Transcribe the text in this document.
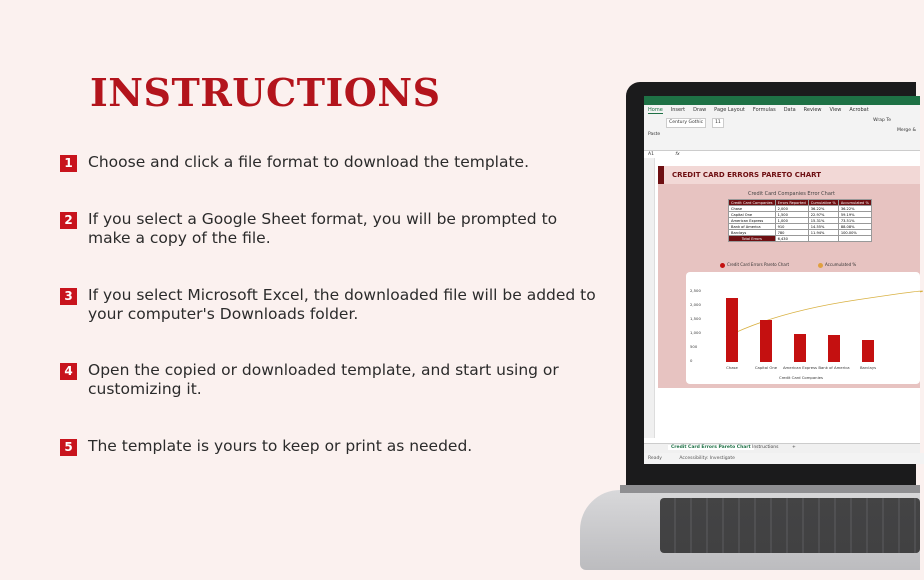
INSTRUCTIONS
1 Choose and click a file format to download the template.
2 If you select a Google Sheet format, you will be prompted to make a copy of the file.
3 If you select Microsoft Excel, the downloaded file will be added to your computer's Downloads folder.
4 Open the copied or downloaded template, and start using or customizing it.
5 The template is yours to keep or print as needed.
Home Insert Draw Page Layout Formulas Data Review View Acrobat
Paste
Century Gothic	11	Wrap Te
Merge &
A1	fx
CREDIT CARD ERRORS PARETO CHART
Credit Card Companies Error Chart
Credit Card Companies	Errors Reported	Cumulative %	Accumulated %
Chase	2,000	36.22%	36.22%
Capital One	1,500	22.97%	59.19%
American Express	1,000	15.31%	73.51%
Bank of America	910	14.55%	88.08%
Barclays	780	11.94%	100.00%
Total Errors	6,430		
Credit Card Errors Pareto Chart	Accumulated %
Credit Card Companies
2,500
2,000
1,500
1,000
500
0
Chase	Capital One	American Express Bank of America	Barclays
Credit Card Errors Pareto Chart Instructions	+
Ready	Accessibility: Investigate
